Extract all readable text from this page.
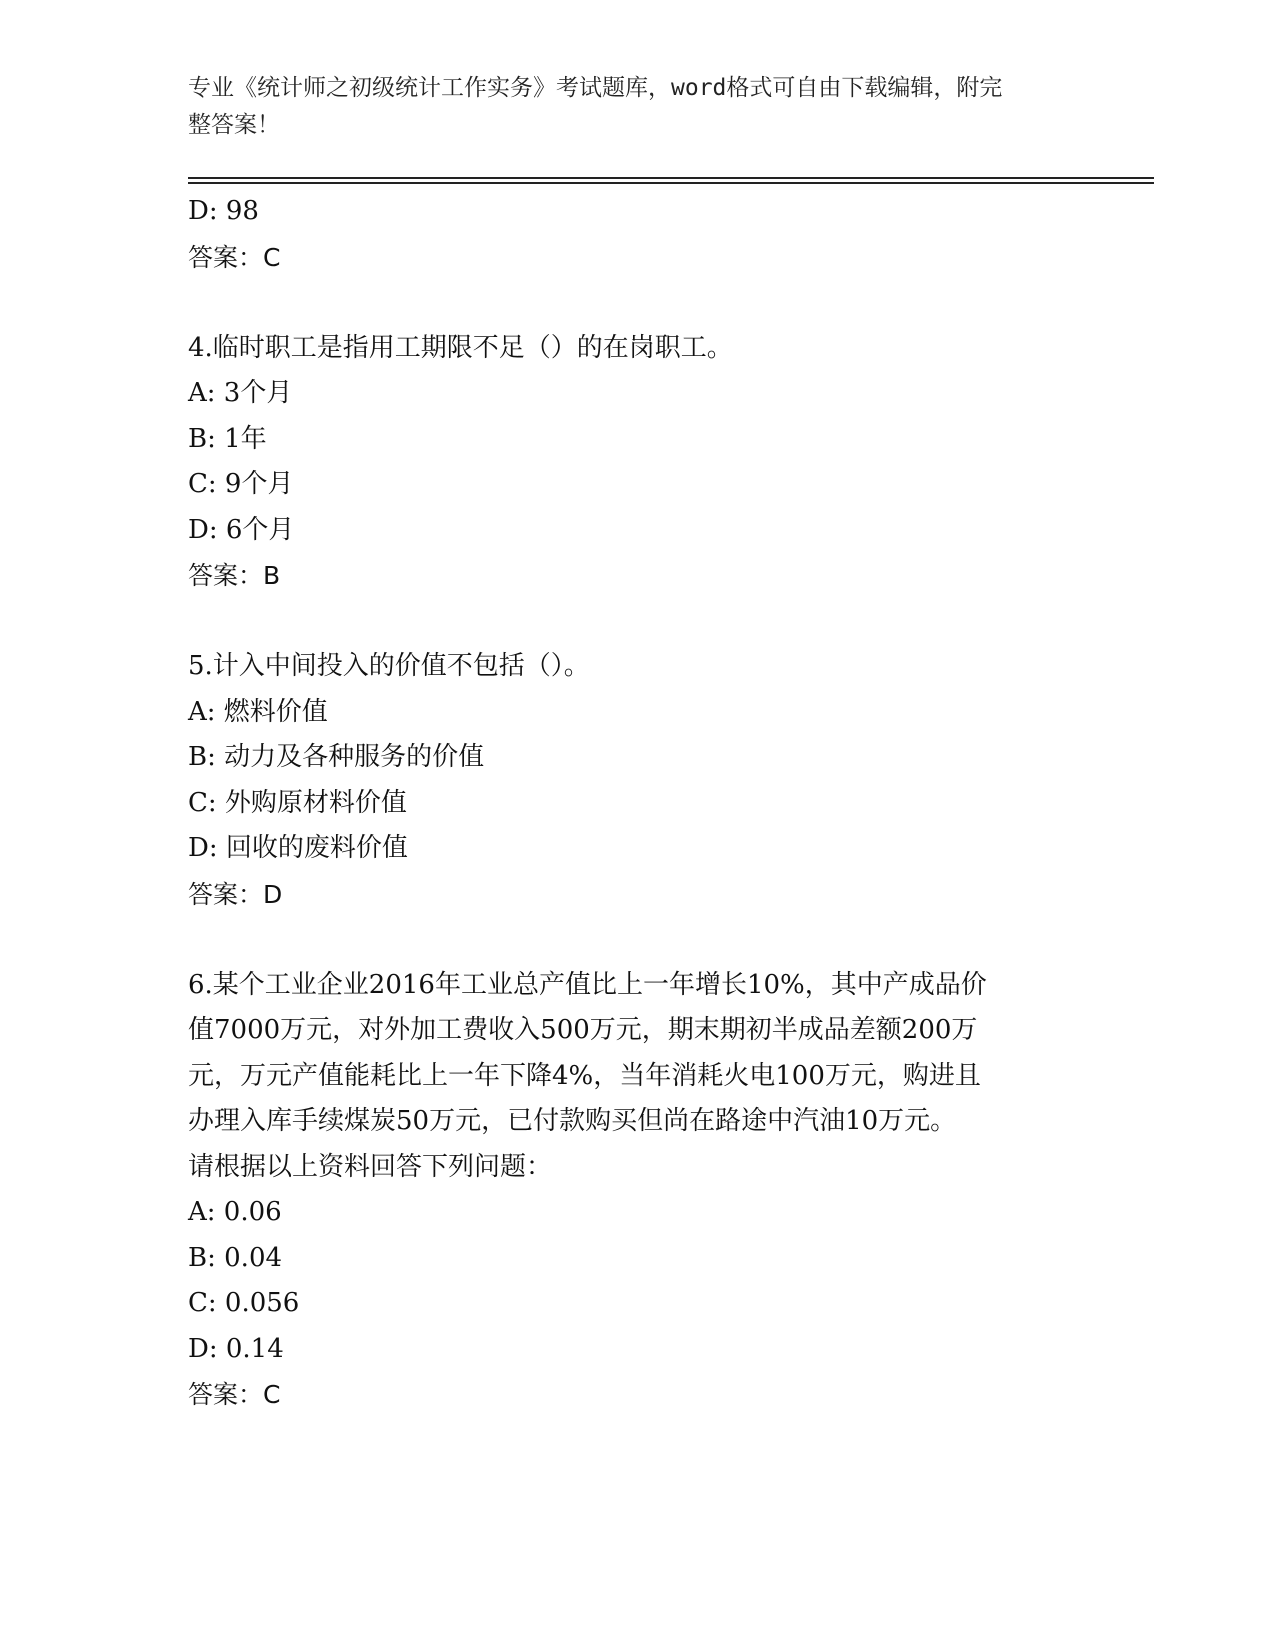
专业《统计师之初级统计工作实务》考试题库，word格式可自由下载编辑，附完
整答案！
D: 98
答案：C
4.临时职工是指用工期限不足（）的在岗职工。
A: 3个月
B: 1年
C: 9个月
D: 6个月
答案：B
5.计入中间投入的价值不包括（）。
A: 燃料价值
B: 动力及各种服务的价值
C: 外购原材料价值
D: 回收的废料价值
答案：D
6.某个工业企业2016年工业总产值比上一年增长10%，其中产成品价
值7000万元，对外加工费收入500万元，期末期初半成品差额200万
元，万元产值能耗比上一年下降4%，当年消耗火电100万元，购进且
办理入库手续煤炭50万元，已付款购买但尚在路途中汽油10万元。
请根据以上资料回答下列问题：
A: 0.06
B: 0.04
C: 0.056
D: 0.14
答案：C
